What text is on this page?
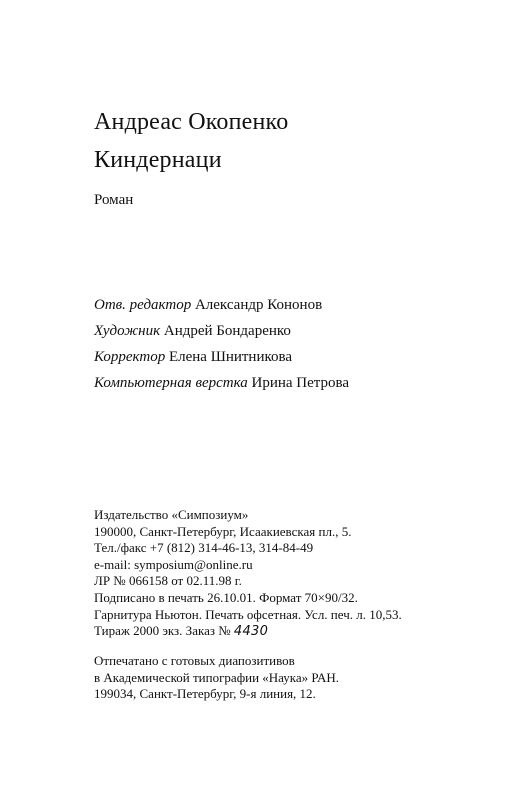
Андреас Окопенко
Киндернаци
Роман
Отв. редактор Александр Кононов
Художник Андрей Бондаренко
Корректор Елена Шнитникова
Компьютерная верстка Ирина Петрова
Издательство «Симпозиум»
190000, Санкт-Петербург, Исаакиевская пл., 5.
Тел./факс +7 (812) 314-46-13, 314-84-49
e-mail: symposium@online.ru
ЛР № 066158 от 02.11.98 г.
Подписано в печать 26.10.01. Формат 70×90/32.
Гарнитура Ньютон. Печать офсетная. Усл. печ. л. 10,53.
Тираж 2000 экз. Заказ № 4430
Отпечатано с готовых диапозитивов
в Академической типографии «Наука» РАН.
199034, Санкт-Петербург, 9-я линия, 12.
